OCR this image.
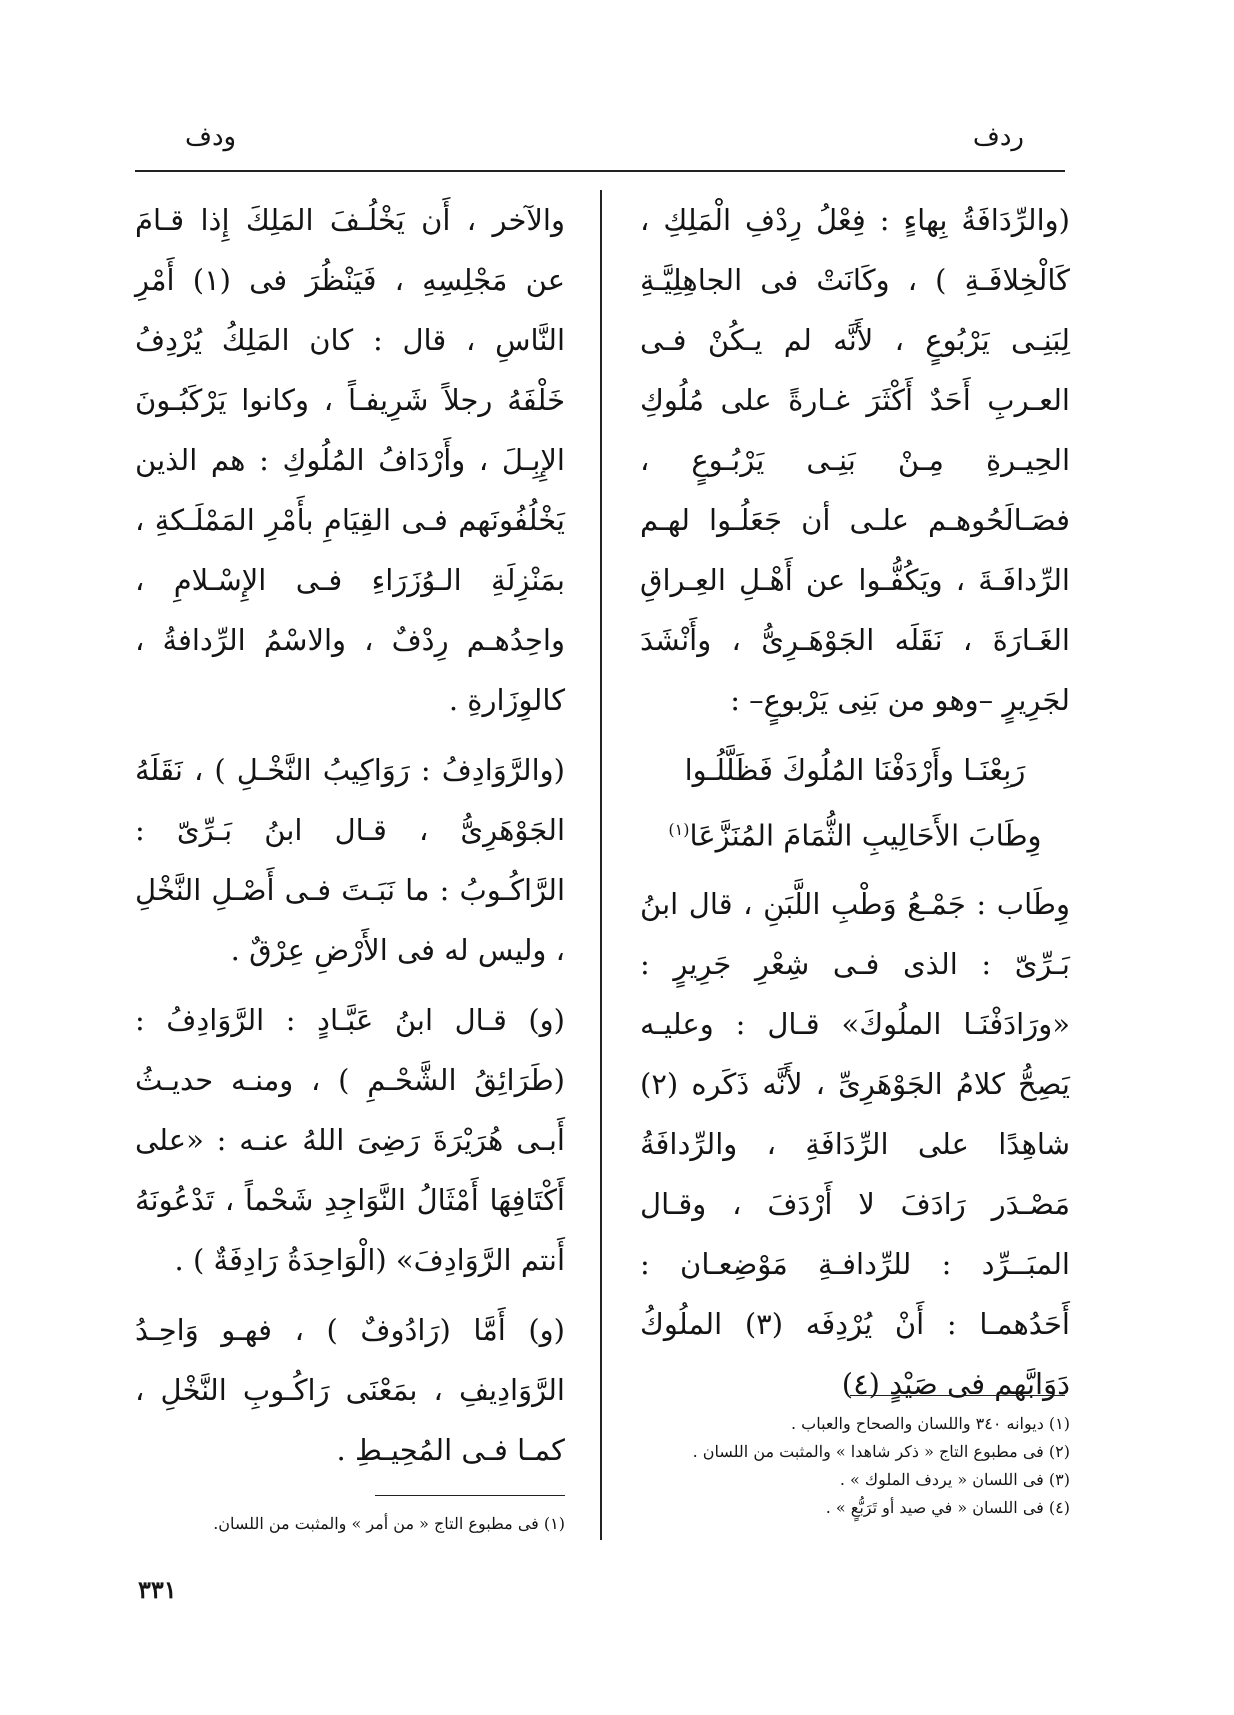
ردف
ودف

(والرِّدَافَةُ بِهاءٍ : فِعْلُ رِدْفِ الْمَلِكِ ، كَالْخِلافَـةِ ) ، وكَانَتْ فى الجاهِلِيَّـةِ لِبَنِـى يَرْبُوعٍ ، لأَنَّه لم يـكُنْ فـى العـربِ أَحَدٌ أَكْثَرَ غـارةً على مُلُوكِ الحِيـرةِ مِـنْ بَنِـى يَرْبُـوعٍ ، فصَـالَحُوهـم علـى أن جَعَلُـوا لهـم الرِّدافَـةَ ، ويَكُفُّـوا عن أَهْـلِ العِـراقِ الغَـارَةَ ، نَقَلَه الجَوْهَـرِىُّ ، وأَنْشَدَ لجَرِيرٍ –وهو من بَنِى يَرْبوعٍ– :

رَبِعْنَـا وأَرْدَفْنَا المُلُوكَ فَظَلَّلُـوا

وِطَابَ الأَحَالِيبِ الثُّمَامَ المُنَزَّعَا$^{(١)}$

وِطَاب : جَمْـعُ وَطْبِ اللَّبَنِ ، قال ابنُ بَـرِّىّ : الذى فـى شِعْرِ جَرِيرٍ : «ورَادَفْنَـا الملُوكَ» قـال : وعليـه يَصِحُّ كلامُ الجَوْهَرِىِّ ، لأَنَّه ذَكَره (٢) شاهِدًا على الرِّدَافَةِ ، والرِّدافَةُ مَصْـدَر رَادَفَ لا أَرْدَفَ ، وقـال المبَــرِّد : للرِّدافـةِ مَوْضِعـان : أَحَدُهمـا : أَنْ يُرْدِفَه (٣) الملُوكُ دَوَابَّهم فى صَيْدٍ (٤)

والآخر ، أَن يَخْلُـفَ المَلِكَ إِذا قـامَ عن مَجْلِسِهِ ، فَيَنْظُرَ فى (١) أَمْرِ النَّاسِ ، قال : كان المَلِكُ يُرْدِفُ خَلْفَهُ رجلاً شَرِيفـاً ، وكانوا يَرْكَبُـونَ الإِبِـلَ ، وأَرْدَافُ المُلُوكِ : هم الذين يَخْلُفُونَهم فـى القِيَامِ بأَمْرِ المَمْلَـكةِ ، بمَنْزِلَةِ الـوُزَرَاءِ فـى الإِسْـلامِ ، واحِدُهـم رِدْفٌ ، والاسْمُ الرِّدافةُ ، كالوِزَارةِ .

(والرَّوَادِفُ : رَوَاكِيبُ النَّخْـلِ ) ، نَقَلَهُ الجَوْهَرِىُّ ، قـال ابنُ بَـرِّىّ : الرَّاكُـوبُ : ما نَبَـتَ فـى أَصْـلِ النَّخْلِ ، وليس له فى الأَرْضِ عِرْقٌ .

(و) قـال ابنُ عَبَّـادٍ : الرَّوَادِفُ : (طَرَائِقُ الشَّحْـمِ ) ، ومنـه حديـثُ أَبـى هُرَيْرَةَ رَضِىَ اللهُ عنـه : «على أَكْتَافِهَا أَمْثَالُ النَّوَاجِدِ شَحْماً ، تَدْعُونَهُ أَنتم الرَّوَادِفَ» (الْوَاحِدَةُ رَادِفَةٌ ) .

(و) أَمَّا (رَادُوفٌ ) ، فهـو وَاحِـدُ الرَّوَادِيفِ ، بمَعْنَى رَاكُـوبِ النَّخْلِ ، كمـا فـى المُحِيـطِ .

(١) ديوانه ٣٤٠ واللسان والصحاح والعباب .

(٢) فى مطبوع التاج « ذكر شاهدا » والمثبت من اللسان .

(٣) فى اللسان « يردف الملوك » .

(٤) فى اللسان « في صيد أو تَرَبُّعٍ » .

(١) فى مطبوع التاج « من أمر » والمثبت من اللسان.

٣٣١
